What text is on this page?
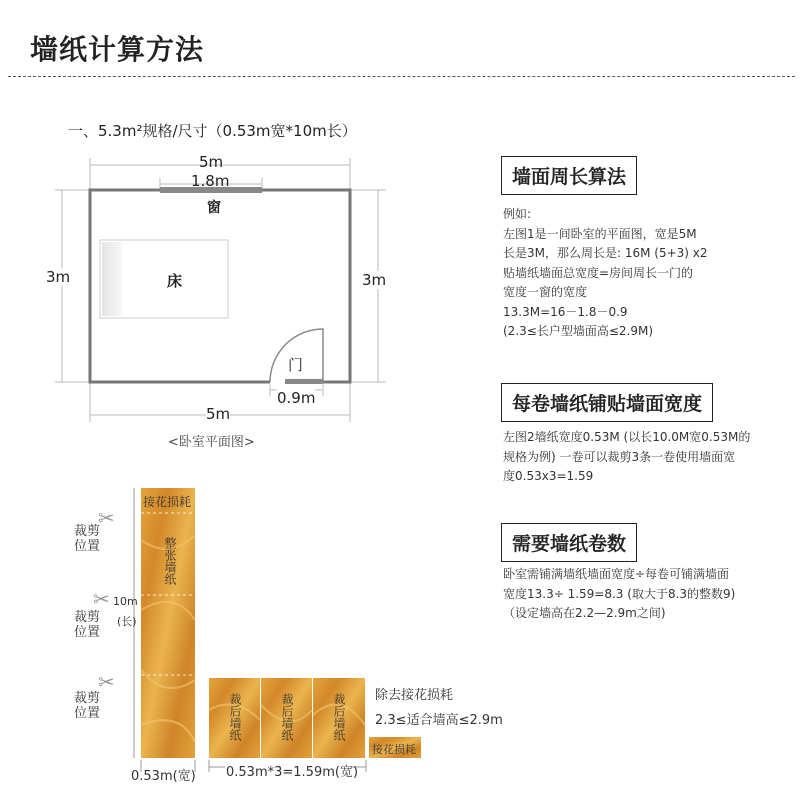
墙纸计算方法
一、5.3m²规格/尺寸（0.53m宽*10m长）
5m
1.8m
窗
床
3m	3m
门
0.9m
5m
<卧室平面图>
墙面周长算法
例如:
左图1是一间卧室的平面图，宽是5M
长是3M，那么周长是: 16M (5+3) x2
贴墙纸墙面总宽度=房间周长一门的
宽度一窗的宽度
13.3M=16－1.8－0.9
(2.3≤长户型墙面高≤2.9M)
每卷墙纸铺贴墙面宽度
左图2墙纸宽度0.53M (以长10.0M宽0.53M的
规格为例) 一卷可以裁剪3条一卷使用墙面宽
度0.53x3=1.59
需要墙纸卷数
卧室需铺满墙纸墙面宽度÷每卷可铺满墙面
宽度13.3÷ 1.59=8.3 (取大于8.3的整数9)
（设定墙高在2.2—2.9m之间)
✂
✂
✂
裁剪位置
裁剪位置
裁剪位置
接花损耗
整张墙纸
10m
(长)
裁后墙纸	裁后墙纸	裁后墙纸
接花损耗
除去接花损耗
2.3≤适合墙高≤2.9m
0.53m(宽) 0.53m*3=1.59m(宽)
